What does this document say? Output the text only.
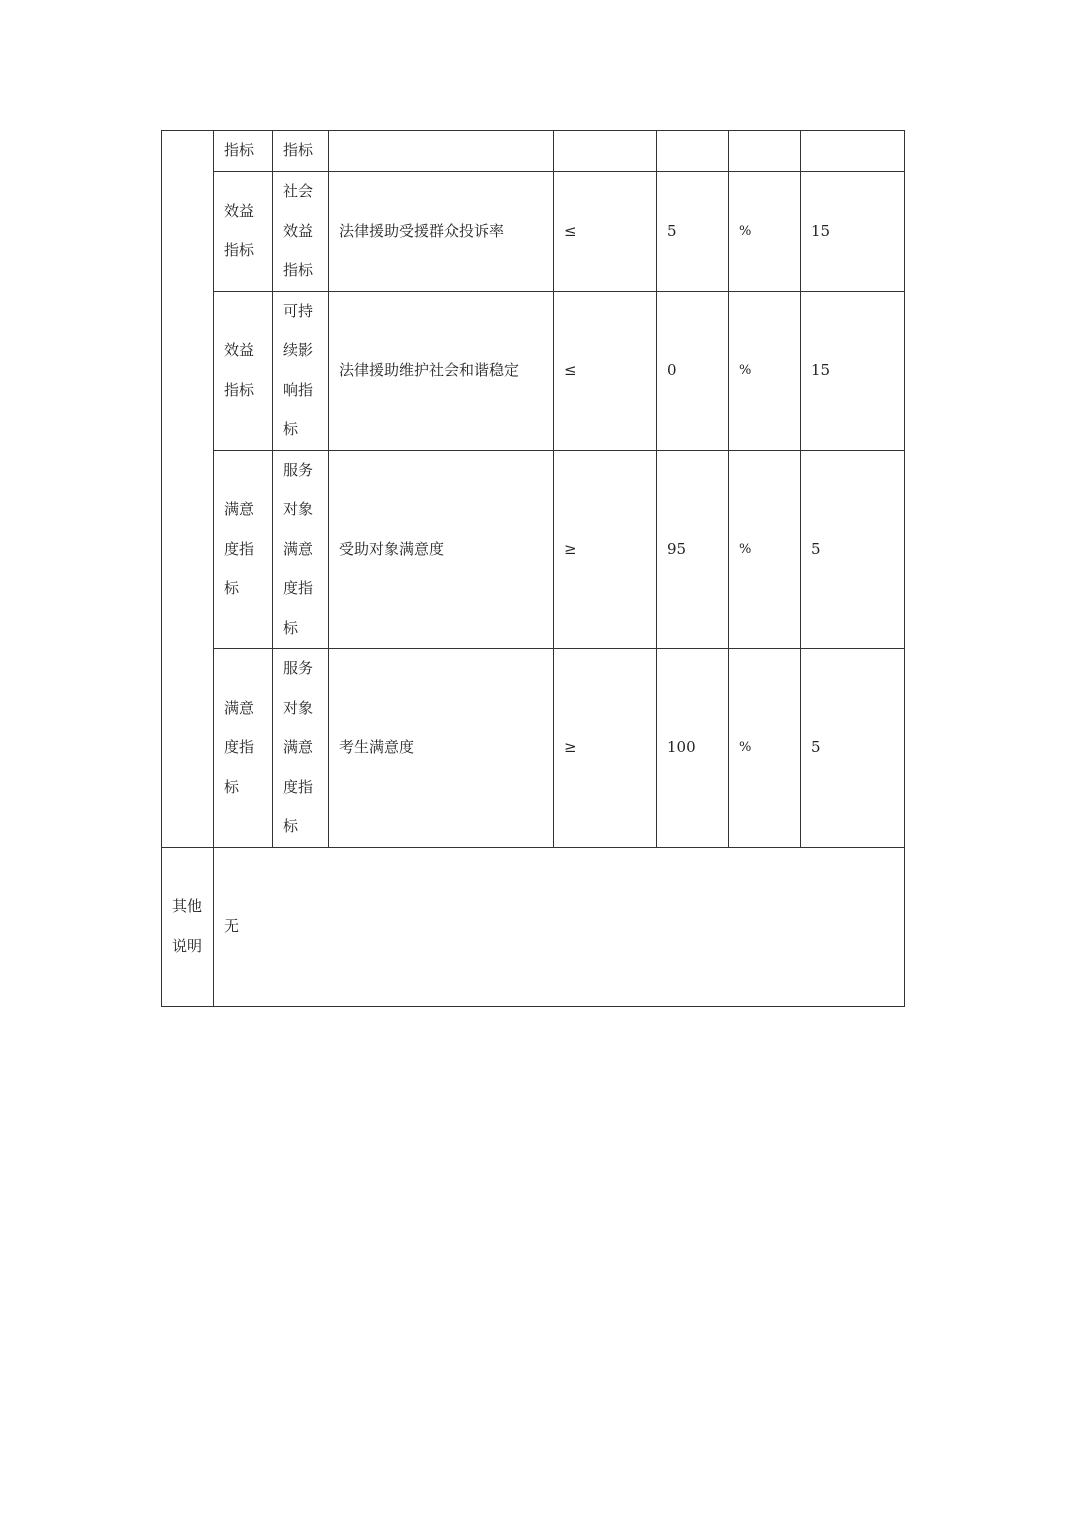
	指标	指标					
	效益指标	社会效益指标	法律援助受援群众投诉率	≤	5	%	15
	效益指标	可持续影响指标	法律援助维护社会和谐稳定	≤	0	%	15
	满意度指标	服务对象满意度指标	受助对象满意度	≥	95	%	5
	满意度指标	服务对象满意度指标	考生满意度	≥	100	%	5
其他说明	无						
